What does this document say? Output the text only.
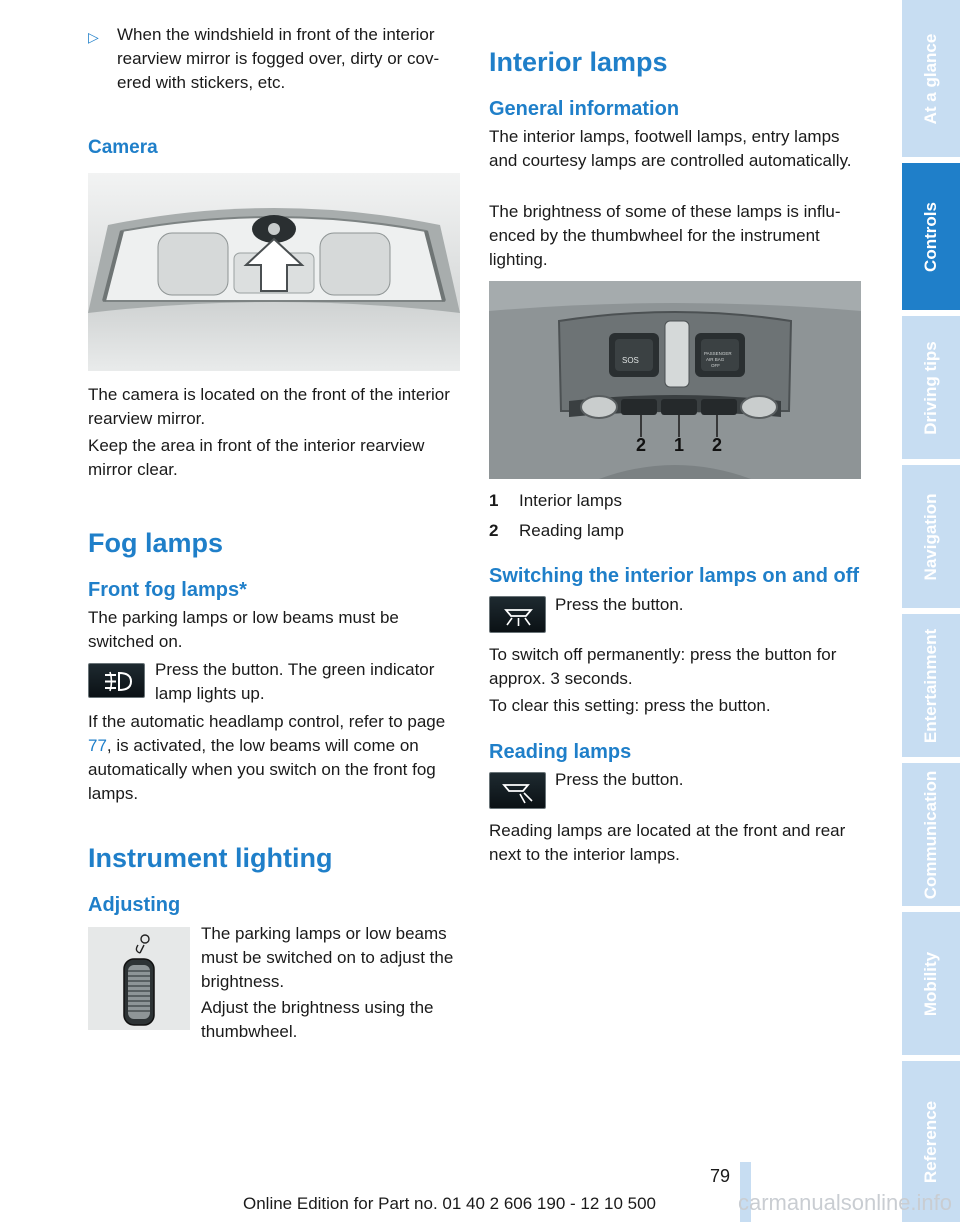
▷ When the windshield in front of the interior rearview mirror is fogged over, dirty or covered with stickers, etc.

Camera

The camera is located on the front of the interior rearview mirror.

Keep the area in front of the interior rearview mirror clear.

Fog lamps
Front fog lamps*

The parking lamps or low beams must be switched on.

Press the button. The green indicator lamp lights up.

If the automatic headlamp control, refer to page 77, is activated, the low beams will come on automatically when you switch on the front fog lamps.

Instrument lighting
Adjusting

The parking lamps or low beams must be switched on to adjust the brightness.

Adjust the brightness using the thumbwheel.

Interior lamps
General information

The interior lamps, footwell lamps, entry lamps and courtesy lamps are controlled automatically.

The brightness of some of these lamps is influenced by the thumbwheel for the instrument lighting.

SOS
PASSENGER
AIR BAG
OFF
2 1 2
1 Interior lamps
2 Reading lamp
Switching the interior lamps on and off

Press the button.

To switch off permanently: press the button for approx. 3 seconds.

To clear this setting: press the button.

Reading lamps

Press the button.

Reading lamps are located at the front and rear next to the interior lamps.

At a glance
Controls
Driving tips
Navigation
Entertainment
Communication
Mobility
Reference
79
Online Edition for Part no. 01 40 2 606 190 - 12 10 500	carmanualsonline.info
